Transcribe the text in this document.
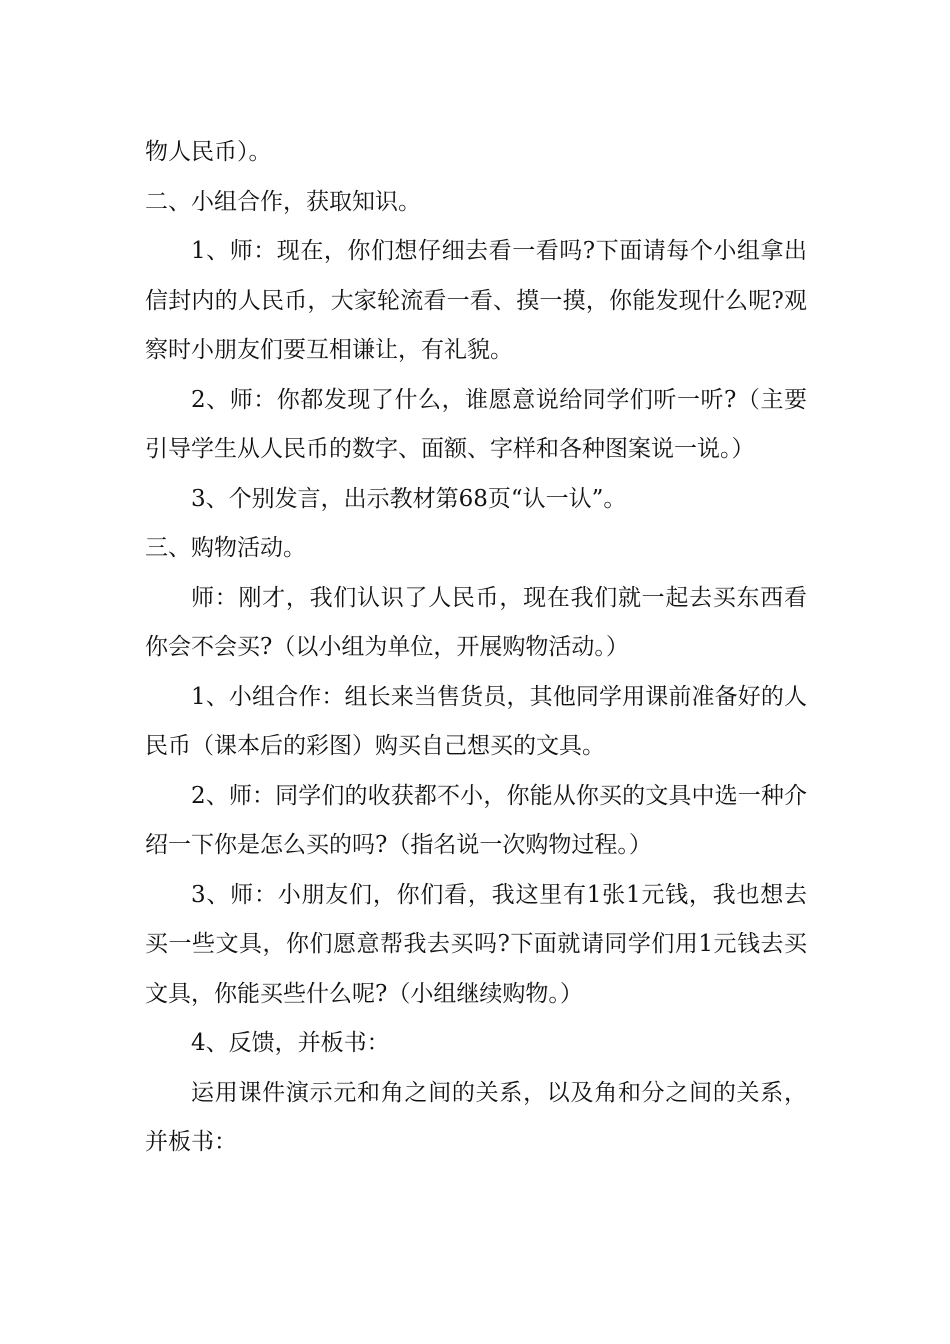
物人民币）。

二、小组合作，获取知识。

1、师：现在，你们想仔细去看一看吗?下面请每个小组拿出信封内的人民币，大家轮流看一看、摸一摸，你能发现什么呢?观察时小朋友们要互相谦让，有礼貌。

2、师：你都发现了什么，谁愿意说给同学们听一听?（主要引导学生从人民币的数字、面额、字样和各种图案说一说。）

3、个别发言，出示教材第68页“认一认”。

三、购物活动。

师：刚才，我们认识了人民币，现在我们就一起去买东西看你会不会买?（以小组为单位，开展购物活动。）

1、小组合作：组长来当售货员，其他同学用课前准备好的人民币（课本后的彩图）购买自己想买的文具。

2、师：同学们的收获都不小，你能从你买的文具中选一种介绍一下你是怎么买的吗?（指名说一次购物过程。）

3、师：小朋友们，你们看，我这里有1张1元钱，我也想去买一些文具，你们愿意帮我去买吗?下面就请同学们用1元钱去买文具，你能买些什么呢?（小组继续购物。）

4、反馈，并板书：

运用课件演示元和角之间的关系，以及角和分之间的关系，并板书：
